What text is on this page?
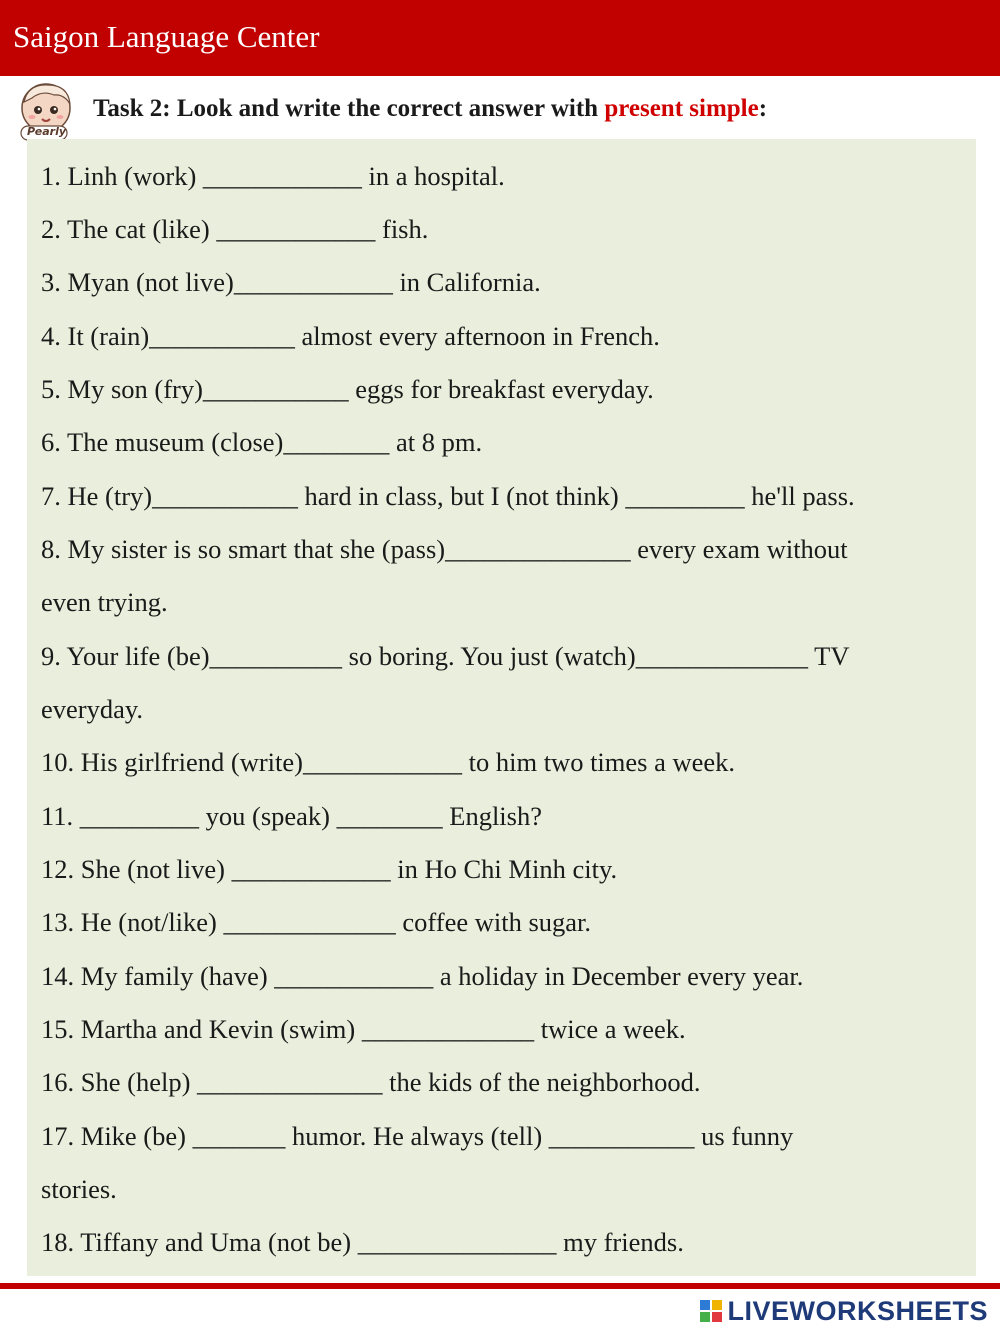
Saigon Language Center
Pearly
Task 2: Look and write the correct answer with present simple:
1. Linh (work) ____________ in a hospital.
2. The cat (like) ____________ fish.
3. Myan (not live)____________ in California.
4. It (rain)___________ almost every afternoon in French.
5. My son (fry)___________ eggs for breakfast everyday.
6. The museum (close)________ at 8 pm.
7. He (try)___________ hard in class, but I (not think) _________ he'll pass.
8. My sister is so smart that she (pass)______________ every exam without
even trying.
9. Your life (be)__________ so boring. You just (watch)_____________ TV
everyday.
10. His girlfriend (write)____________ to him two times a week.
11. _________ you (speak) ________ English?
12. She (not live) ____________ in Ho Chi Minh city.
13. He (not/like) _____________ coffee with sugar.
14. My family (have) ____________ a holiday in December every year.
15. Martha and Kevin (swim) _____________ twice a week.
16. She (help) ______________ the kids of the neighborhood.
17. Mike (be) _______ humor. He always (tell) ___________ us funny
stories.
18. Tiffany and Uma (not be) _______________ my friends.
LIVEWORKSHEETS
